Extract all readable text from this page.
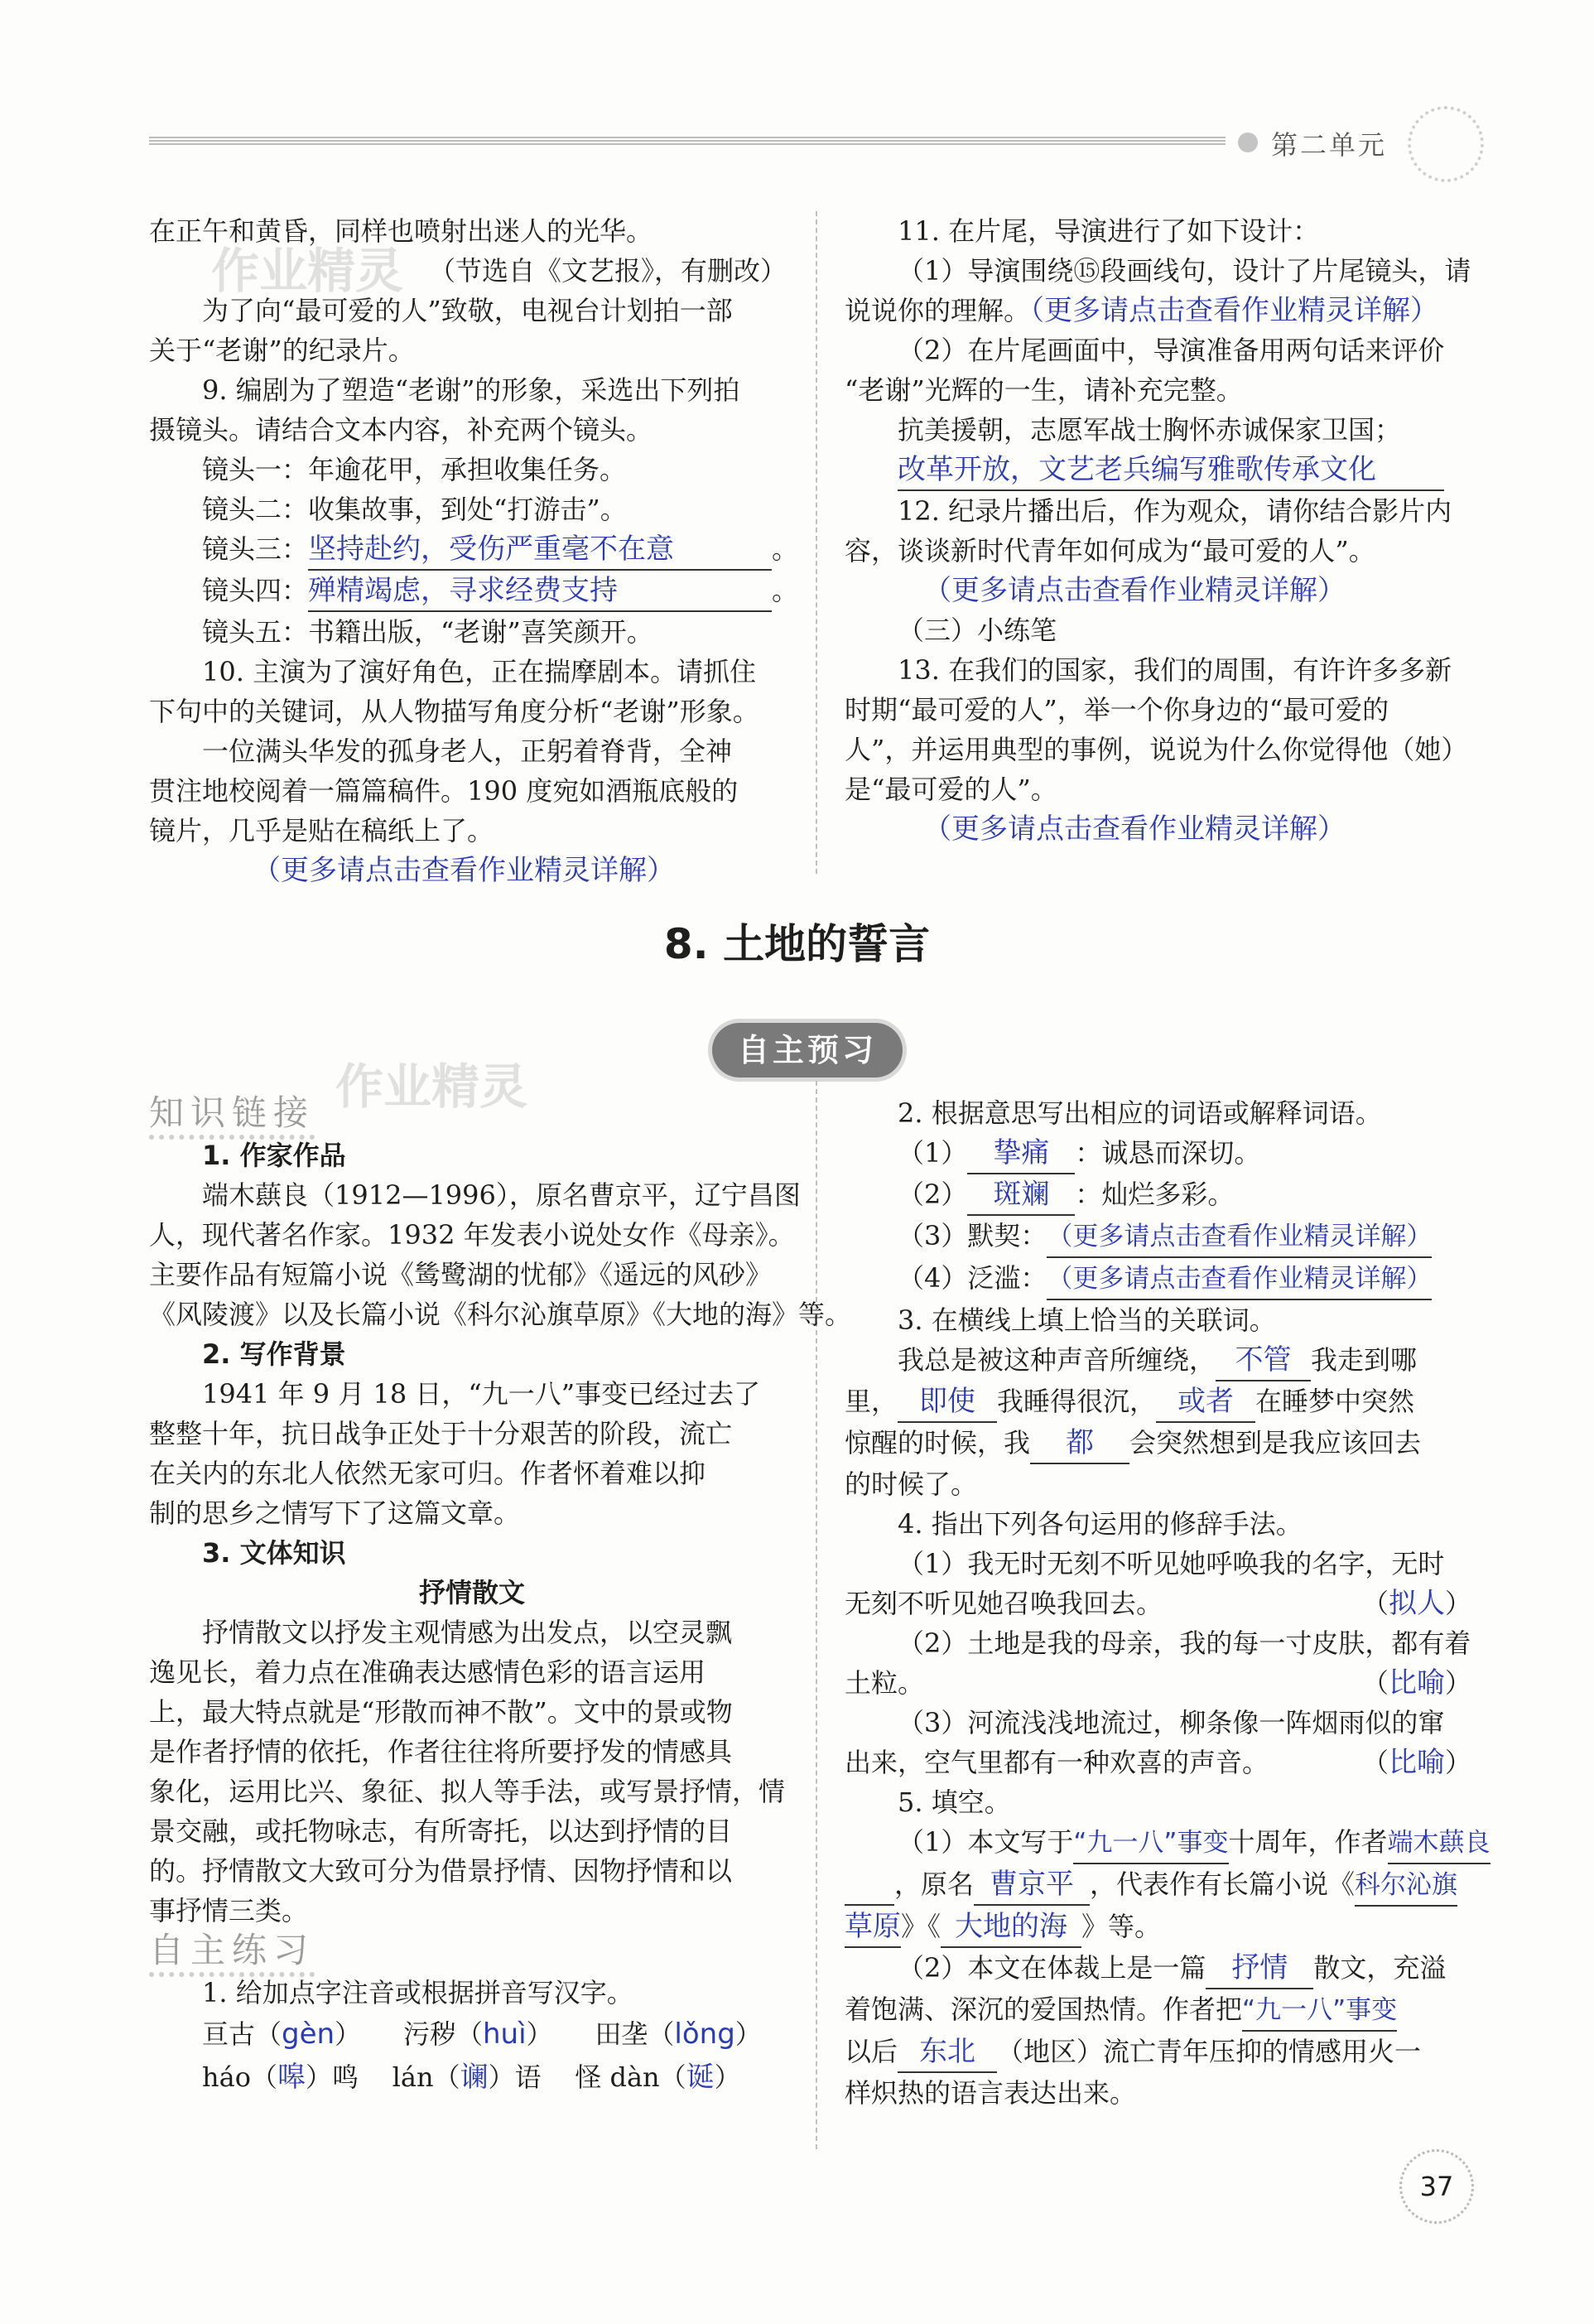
第二单元
作业精灵
作业精灵

在正午和黄昏，同样也喷射出迷人的光华。

（节选自《文艺报》，有删改）

为了向“最可爱的人”致敬，电视台计划拍一部

关于“老谢”的纪录片。

9. 编剧为了塑造“老谢”的形象，采选出下列拍

摄镜头。请结合文本内容，补充两个镜头。

镜头一：年逾花甲，承担收集任务。

镜头二：收集故事，到处“打游击”。

镜头三：坚持赴约，受伤严重毫不在意	。

镜头四：殚精竭虑，寻求经费支持	。

镜头五：书籍出版，“老谢”喜笑颜开。

10. 主演为了演好角色，正在揣摩剧本。请抓住

下句中的关键词，从人物描写角度分析“老谢”形象。

一位满头华发的孤身老人，正躬着脊背，全神

贯注地校阅着一篇篇稿件。190 度宛如酒瓶底般的

镜片，几乎是贴在稿纸上了。

（更多请点击查看作业精灵详解）

11. 在片尾，导演进行了如下设计：

（1）导演围绕⑮段画线句，设计了片尾镜头，请

说说你的理解。（更多请点击查看作业精灵详解）

（2）在片尾画面中，导演准备用两句话来评价

“老谢”光辉的一生，请补充完整。

抗美援朝，志愿军战士胸怀赤诚保家卫国；

改革开放，文艺老兵编写雅歌传承文化

12. 纪录片播出后，作为观众，请你结合影片内

容，谈谈新时代青年如何成为“最可爱的人”。

（更多请点击查看作业精灵详解）

（三）小练笔

13. 在我们的国家，我们的周围，有许许多多新

时期“最可爱的人”，举一个你身边的“最可爱的

人”，并运用典型的事例，说说为什么你觉得他（她）

是“最可爱的人”。

（更多请点击查看作业精灵详解）

8. 土地的誓言
自主预习

知识链接

1. 作家作品

端木蕻良（1912—1996），原名曹京平，辽宁昌图

人，现代著名作家。1932 年发表小说处女作《母亲》。

主要作品有短篇小说《鸶鹭湖的忧郁》《遥远的风砂》

《风陵渡》以及长篇小说《科尔沁旗草原》《大地的海》等。

2. 写作背景

1941 年 9 月 18 日，“九一八”事变已经过去了

整整十年，抗日战争正处于十分艰苦的阶段，流亡

在关内的东北人依然无家可归。作者怀着难以抑

制的思乡之情写下了这篇文章。

3. 文体知识

抒情散文

抒情散文以抒发主观情感为出发点，以空灵飘

逸见长，着力点在准确表达感情色彩的语言运用

上，最大特点就是“形散而神不散”。文中的景或物

是作者抒情的依托，作者往往将所要抒发的情感具

象化，运用比兴、象征、拟人等手法，或写景抒情，情

景交融，或托物咏志，有所寄托，以达到抒情的目

的。抒情散文大致可分为借景抒情、因物抒情和以

事抒情三类。

自主练习

1. 给加点字注音或根据拼音写汉字。

亘古（gèn） 污秽（huì） 田垄（lǒng）

háo（嗥）鸣 lán（谰）语 怪 dàn（诞）

2. 根据意思写出相应的词语或解释词语。

（1） 挚痛 ：诚恳而深切。

（2） 斑斓 ：灿烂多彩。

（3）默契：（更多请点击查看作业精灵详解）

（4）泛滥：（更多请点击查看作业精灵详解）

3. 在横线上填上恰当的关联词。

我总是被这种声音所缠绕， 不管 我走到哪

里， 即使 我睡得很沉， 或者 在睡梦中突然

惊醒的时候，我 都 会突然想到是我应该回去

的时候了。

4. 指出下列各句运用的修辞手法。

（1）我无时无刻不听见她呼唤我的名字，无时

无刻不听见她召唤我回去。	（拟人）

（2）土地是我的母亲，我的每一寸皮肤，都有着

土粒。	（比喻）

（3）河流浅浅地流过，柳条像一阵烟雨似的窜

出来，空气里都有一种欢喜的声音。	（比喻）

5. 填空。

（1）本文写于“九一八”事变十周年，作者端木蕻良

，原名 曹京平 ，代表作有长篇小说《科尔沁旗

草原》《 大地的海 》等。

（2）本文在体裁上是一篇 抒情 散文，充溢

着饱满、深沉的爱国热情。作者把“九一八”事变

以后 东北 （地区）流亡青年压抑的情感用火一

样炽热的语言表达出来。

37
